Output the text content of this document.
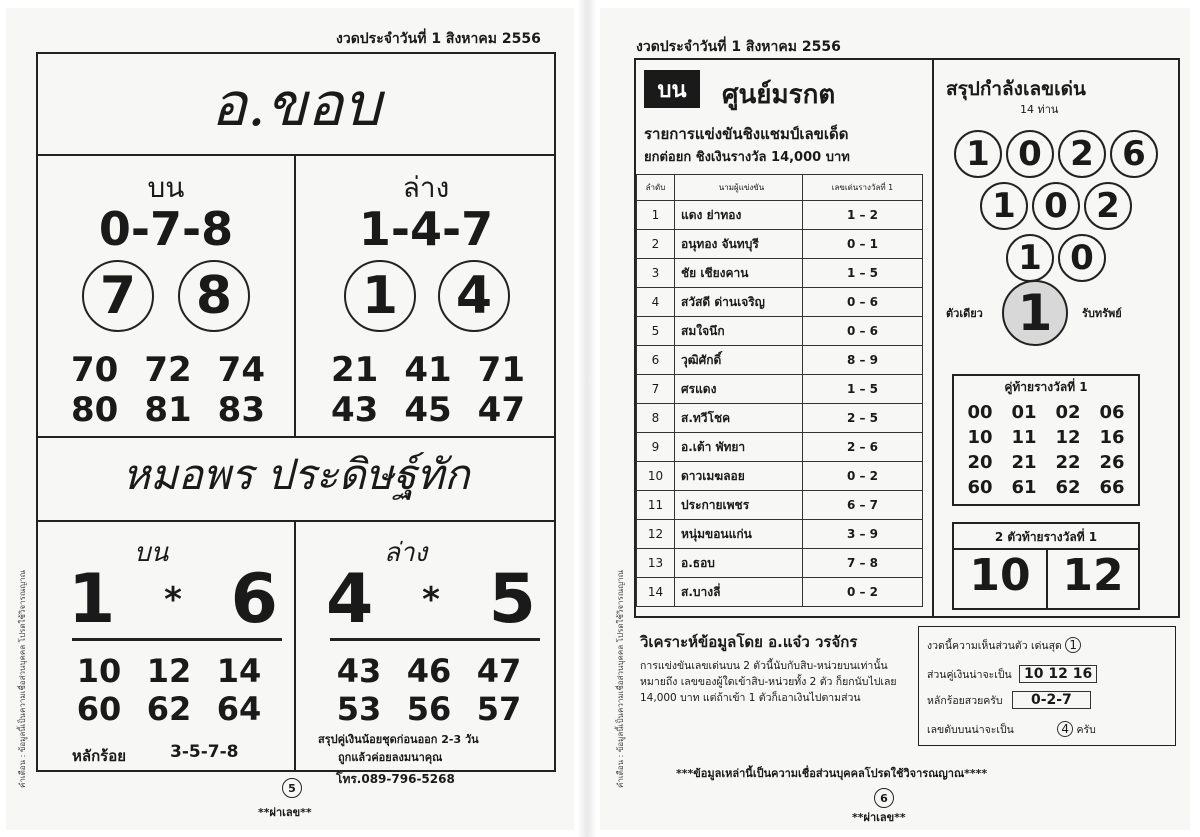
งวดประจำวันที่ 1 สิงหาคม 2556
คำเตือน : ข้อมูลนี้เป็นความเชื่อส่วนบุคคล โปรดใช้วิจารณญาณ
อ.ขอบ
บน	ล่าง
0-7-8	1-4-7
7	8	1	4
70 72 74
80 81 83
21 41 71
43 45 47
หมอพร ประดิษฐ์ทัก
บน	ล่าง
1 * 6 4 * 5
10 12 14
60 62 64
43 46 47
53 56 57
หลักร้อย	3-5-7-8
สรุปคู่เงินน้อยชุดก่อนออก 2-3 วัน
ถูกแล้วค่อยลงมนาคุณ
โทร.089-796-5268
5
**ผ่าเลข**
งวดประจำวันที่ 1 สิงหาคม 2556
คำเตือน : ข้อมูลนี้เป็นความเชื่อส่วนบุคคล โปรดใช้วิจารณญาณ
บน	ศูนย์มรกต
รายการแข่งขันชิงแชมป์เลขเด็ด
ยกต่อยก ชิงเงินรางวัล 14,000 บาท
ลำดับ	นามผู้แข่งขัน	เลขเด่นรางวัลที่ 1
1	แดง ย่าทอง	1 – 2
2	อนุทอง จันทบุรี	0 – 1
3	ชัย เชียงคาน	1 – 5
4	สวัสดี ด่านเจริญ	0 – 6
5	สมใจนึก	0 – 6
6	วุฒิศักดิ์	8 – 9
7	ศรแดง	1 – 5
8	ส.ทวีโชค	2 – 5
9	อ.เต้า พัทยา	2 – 6
10	ดาวเมฆลอย	0 – 2
11	ประกายเพชร	6 – 7
12	หนุ่มขอนแก่น	3 – 9
13	อ.ธอบ	7 – 8
14	ส.บางลี่	0 – 2
สรุปกำลังเลขเด่น
14 ท่าน
1 0 2 6
1 0 2
1 0
ตัวเดียว 1	รับทรัพย์
คู่ท้ายรางวัลที่ 1
00	01	02	06
10	11	12	16
20	21	22	26
60	61	62	66
2 ตัวท้ายรางวัลที่ 1
10 12
วิเคราะห์ข้อมูลโดย อ.แจ๋ว วรจักร
การแข่งขันเลขเด่นบน 2 ตัวนี้นับกับสิบ-หน่วยบนเท่านั้น หมายถึง เลขของผู้ใดเข้าสิบ-หน่วยทั้ง 2 ตัว ก็ยกนับไปเลย 14,000 บาท แต่ถ้าเข้า 1 ตัวก็เอาเงินไปตามส่วน
งวดนี้ความเห็นส่วนตัว เด่นสุด 1
ส่วนคู่เงินน่าจะเป็น 10 12 16
หลักร้อยสวยครับ 0-2-7
เลขดับบนน่าจะเป็น	4 ครับ
***ข้อมูลเหล่านี้เป็นความเชื่อส่วนบุคคลโปรดใช้วิจารณญาณ****
6
**ผ่าเลข**
